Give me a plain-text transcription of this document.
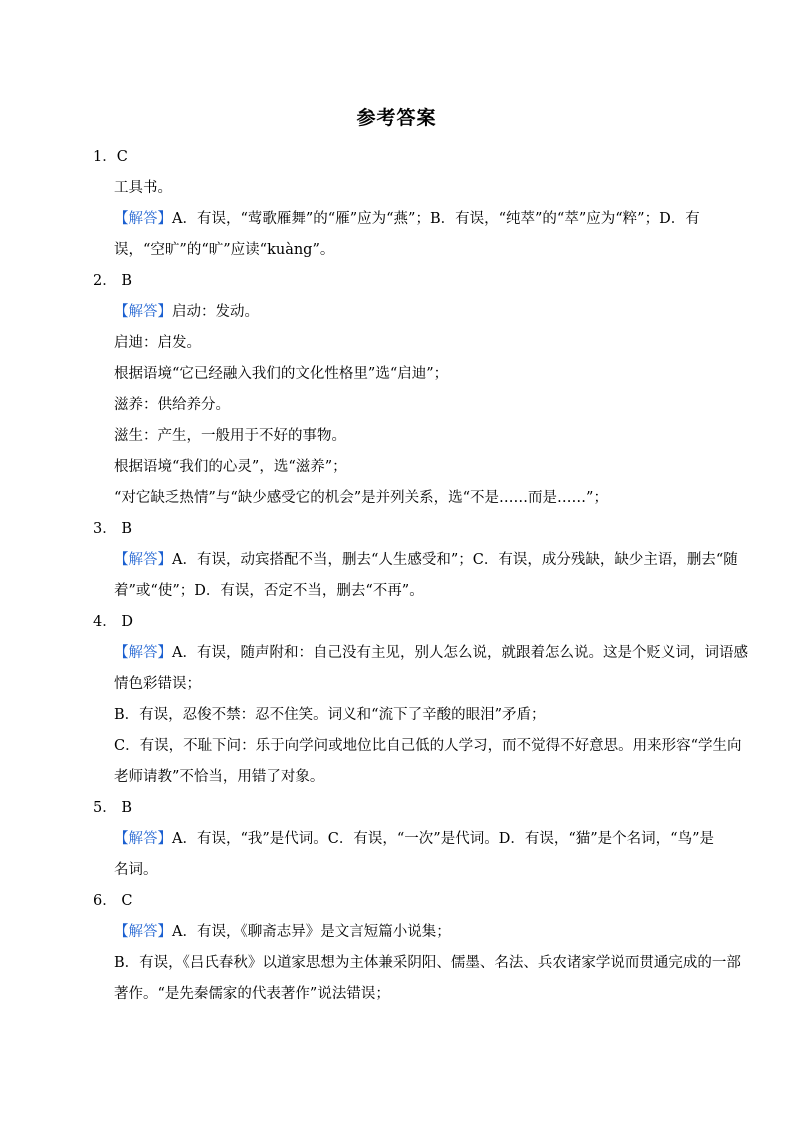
参考答案
1．C
工具书。
【解答】A．有误，“莺歌雁舞”的“雁”应为“燕”；B．有误，“纯萃”的“萃”应为“粹”；D．有
误，“空旷”的“旷”应读“kuàng”。
2． B
【解答】启动：发动。
启迪：启发。
根据语境“它已经融入我们的文化性格里”选“启迪”；
滋养：供给养分。
滋生：产生，一般用于不好的事物。
根据语境“我们的心灵”，选“滋养”；
“对它缺乏热情”与“缺少感受它的机会”是并列关系，选“不是……而是……”；
3． B
【解答】A．有误，动宾搭配不当，删去“人生感受和”；C．有误，成分残缺，缺少主语，删去“随
着”或“使”；D．有误，否定不当，删去“不再”。
4． D
【解答】A．有误，随声附和：自己没有主见，别人怎么说，就跟着怎么说。这是个贬义词，词语感
情色彩错误；
B．有误，忍俊不禁：忍不住笑。词义和“流下了辛酸的眼泪”矛盾；
C．有误，不耻下问：乐于向学问或地位比自己低的人学习，而不觉得不好意思。用来形容“学生向
老师请教”不恰当，用错了对象。
5． B
【解答】A．有误，“我”是代词。C．有误，“一次”是代词。D．有误，“猫”是个名词，“鸟”是
名词。
6． C
【解答】A．有误，《聊斋志异》是文言短篇小说集；
B．有误，《吕氏春秋》以道家思想为主体兼采阴阳、儒墨、名法、兵农诸家学说而贯通完成的一部
著作。“是先秦儒家的代表著作”说法错误；
